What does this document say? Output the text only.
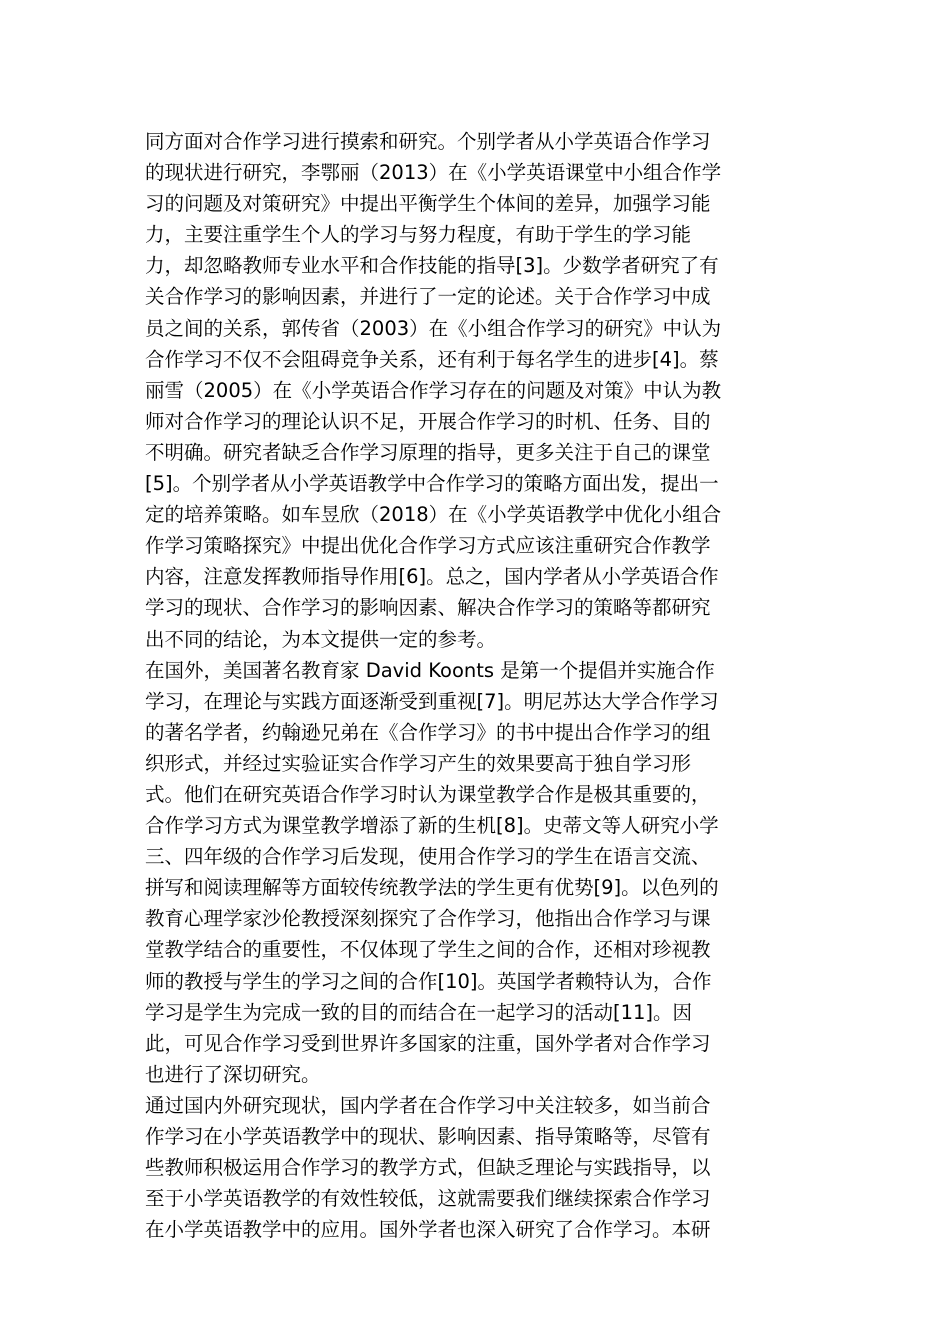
同方面对合作学习进行摸索和研究。个别学者从小学英语合作学习
的现状进行研究，李鄂丽（2013）在《小学英语课堂中小组合作学
习的问题及对策研究》中提出平衡学生个体间的差异，加强学习能
力，主要注重学生个人的学习与努力程度，有助于学生的学习能
力，却忽略教师专业水平和合作技能的指导[3]。少数学者研究了有
关合作学习的影响因素，并进行了一定的论述。关于合作学习中成
员之间的关系，郭传省（2003）在《小组合作学习的研究》中认为
合作学习不仅不会阻碍竞争关系，还有利于每名学生的进步[4]。蔡
丽雪（2005）在《小学英语合作学习存在的问题及对策》中认为教
师对合作学习的理论认识不足，开展合作学习的时机、任务、目的
不明确。研究者缺乏合作学习原理的指导，更多关注于自己的课堂
[5]。个别学者从小学英语教学中合作学习的策略方面出发，提出一
定的培养策略。如车昱欣（2018）在《小学英语教学中优化小组合
作学习策略探究》中提出优化合作学习方式应该注重研究合作教学
内容，注意发挥教师指导作用[6]。总之，国内学者从小学英语合作
学习的现状、合作学习的影响因素、解决合作学习的策略等都研究
出不同的结论，为本文提供一定的参考。
在国外，美国著名教育家 David Koonts 是第一个提倡并实施合作
学习，在理论与实践方面逐渐受到重视[7]。明尼苏达大学合作学习
的著名学者，约翰逊兄弟在《合作学习》的书中提出合作学习的组
织形式，并经过实验证实合作学习产生的效果要高于独自学习形
式。他们在研究英语合作学习时认为课堂教学合作是极其重要的，
合作学习方式为课堂教学增添了新的生机[8]。史蒂文等人研究小学
三、四年级的合作学习后发现，使用合作学习的学生在语言交流、
拼写和阅读理解等方面较传统教学法的学生更有优势[9]。以色列的
教育心理学家沙伦教授深刻探究了合作学习，他指出合作学习与课
堂教学结合的重要性，不仅体现了学生之间的合作，还相对珍视教
师的教授与学生的学习之间的合作[10]。英国学者赖特认为，合作
学习是学生为完成一致的目的而结合在一起学习的活动[11]。因
此，可见合作学习受到世界许多国家的注重，国外学者对合作学习
也进行了深切研究。
通过国内外研究现状，国内学者在合作学习中关注较多，如当前合
作学习在小学英语教学中的现状、影响因素、指导策略等，尽管有
些教师积极运用合作学习的教学方式，但缺乏理论与实践指导，以
至于小学英语教学的有效性较低，这就需要我们继续探索合作学习
在小学英语教学中的应用。国外学者也深入研究了合作学习。本研
